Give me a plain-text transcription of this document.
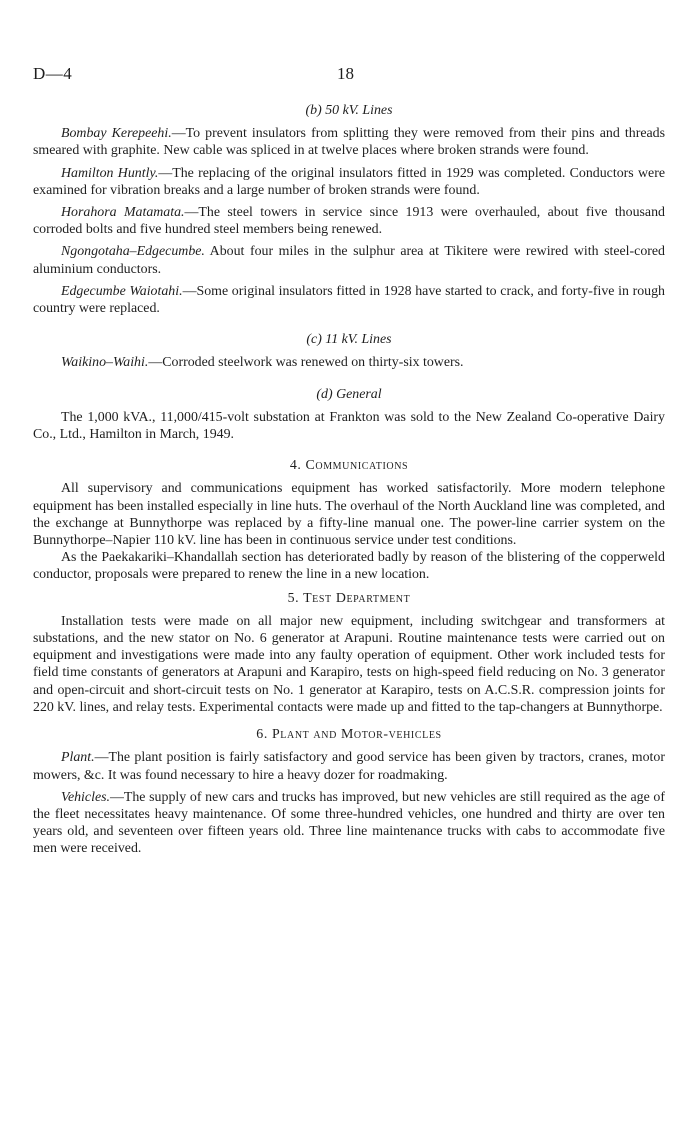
D—4	18
(b) 50 kV. Lines

Bombay Kerepeehi.—To prevent insulators from splitting they were removed from their pins and threads smeared with graphite. New cable was spliced in at twelve places where broken strands were found.

Hamilton Huntly.—The replacing of the original insulators fitted in 1929 was completed. Conductors were examined for vibration breaks and a large number of broken strands were found.

Horahora Matamata.—The steel towers in service since 1913 were overhauled, about five thousand corroded bolts and five hundred steel members being renewed.

Ngongotaha–Edgecumbe. About four miles in the sulphur area at Tikitere were rewired with steel-cored aluminium conductors.

Edgecumbe Waiotahi.—Some original insulators fitted in 1928 have started to crack, and forty-five in rough country were replaced.

(c) 11 kV. Lines

Waikino–Waihi.—Corroded steelwork was renewed on thirty-six towers.

(d) General

The 1,000 kVA., 11,000/415-volt substation at Frankton was sold to the New Zealand Co-operative Dairy Co., Ltd., Hamilton in March, 1949.

4. Communications

All supervisory and communications equipment has worked satisfactorily. More modern telephone equipment has been installed especially in line huts. The overhaul of the North Auckland line was completed, and the exchange at Bunnythorpe was replaced by a fifty-line manual one. The power-line carrier system on the Bunnythorpe–Napier 110 kV. line has been in continuous service under test conditions.

As the Paekakariki–Khandallah section has deteriorated badly by reason of the blistering of the copperweld conductor, proposals were prepared to renew the line in a new location.

5. Test Department

Installation tests were made on all major new equipment, including switchgear and transformers at substations, and the new stator on No. 6 generator at Arapuni. Routine maintenance tests were carried out on equipment and investigations were made into any faulty operation of equipment. Other work included tests for field time constants of generators at Arapuni and Karapiro, tests on high-speed field reducing on No. 3 generator and open-circuit and short-circuit tests on No. 1 generator at Karapiro, tests on A.C.S.R. compression joints for 220 kV. lines, and relay tests. Experimental contacts were made up and fitted to the tap-changers at Bunnythorpe.

6. Plant and Motor-vehicles

Plant.—The plant position is fairly satisfactory and good service has been given by tractors, cranes, motor mowers, &c. It was found necessary to hire a heavy dozer for roadmaking.

Vehicles.—The supply of new cars and trucks has improved, but new vehicles are still required as the age of the fleet necessitates heavy maintenance. Of some three-hundred vehicles, one hundred and thirty are over ten years old, and seventeen over fifteen years old. Three line maintenance trucks with cabs to accommodate five men were received.
